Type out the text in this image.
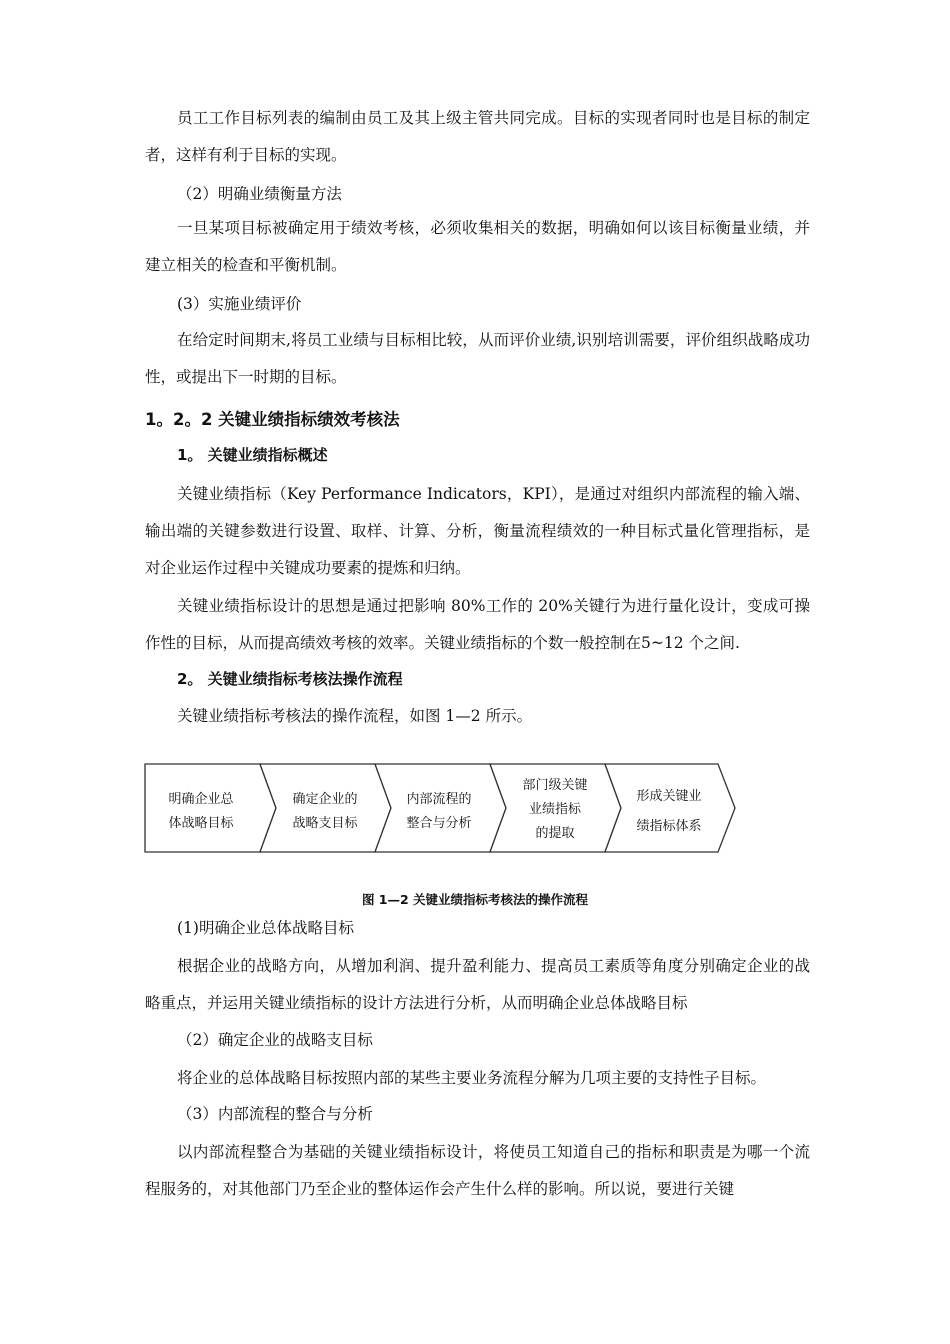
员工工作目标列表的编制由员工及其上级主管共同完成。目标的实现者同时也是目标的制定者，这样有利于目标的实现。

（2）明确业绩衡量方法

一旦某项目标被确定用于绩效考核，必须收集相关的数据，明确如何以该目标衡量业绩，并建立相关的检查和平衡机制。

(3）实施业绩评价

在给定时间期末,将员工业绩与目标相比较，从而评价业绩,识别培训需要，评价组织战略成功性，或提出下一时期的目标。

1。2。2 关键业绩指标绩效考核法
1。 关键业绩指标概述

关键业绩指标（Key Performance Indicators，KPI），是通过对组织内部流程的输入端、输出端的关键参数进行设置、取样、计算、分析，衡量流程绩效的一种目标式量化管理指标，是对企业运作过程中关键成功要素的提炼和归纳。

关键业绩指标设计的思想是通过把影响 80%工作的 20%关键行为进行量化设计，变成可操作性的目标，从而提高绩效考核的效率。关键业绩指标的个数一般控制在5~12 个之间.

2。 关键业绩指标考核法操作流程
关键业绩指标考核法的操作流程，如图 1—2 所示。
明确企业总
体战略目标
确定企业的
战略支目标
内部流程的
整合与分析
部门级关键
业绩指标
的提取
形成关键业
绩指标体系
图 1—2 关键业绩指标考核法的操作流程
(1)明确企业总体战略目标

根据企业的战略方向，从增加利润、提升盈利能力、提高员工素质等角度分别确定企业的战略重点，并运用关键业绩指标的设计方法进行分析，从而明确企业总体战略目标

（2）确定企业的战略支目标

将企业的总体战略目标按照内部的某些主要业务流程分解为几项主要的支持性子目标。

（3）内部流程的整合与分析

以内部流程整合为基础的关键业绩指标设计，将使员工知道自己的指标和职责是为哪一个流程服务的，对其他部门乃至企业的整体运作会产生什么样的影响。所以说，要进行关键
